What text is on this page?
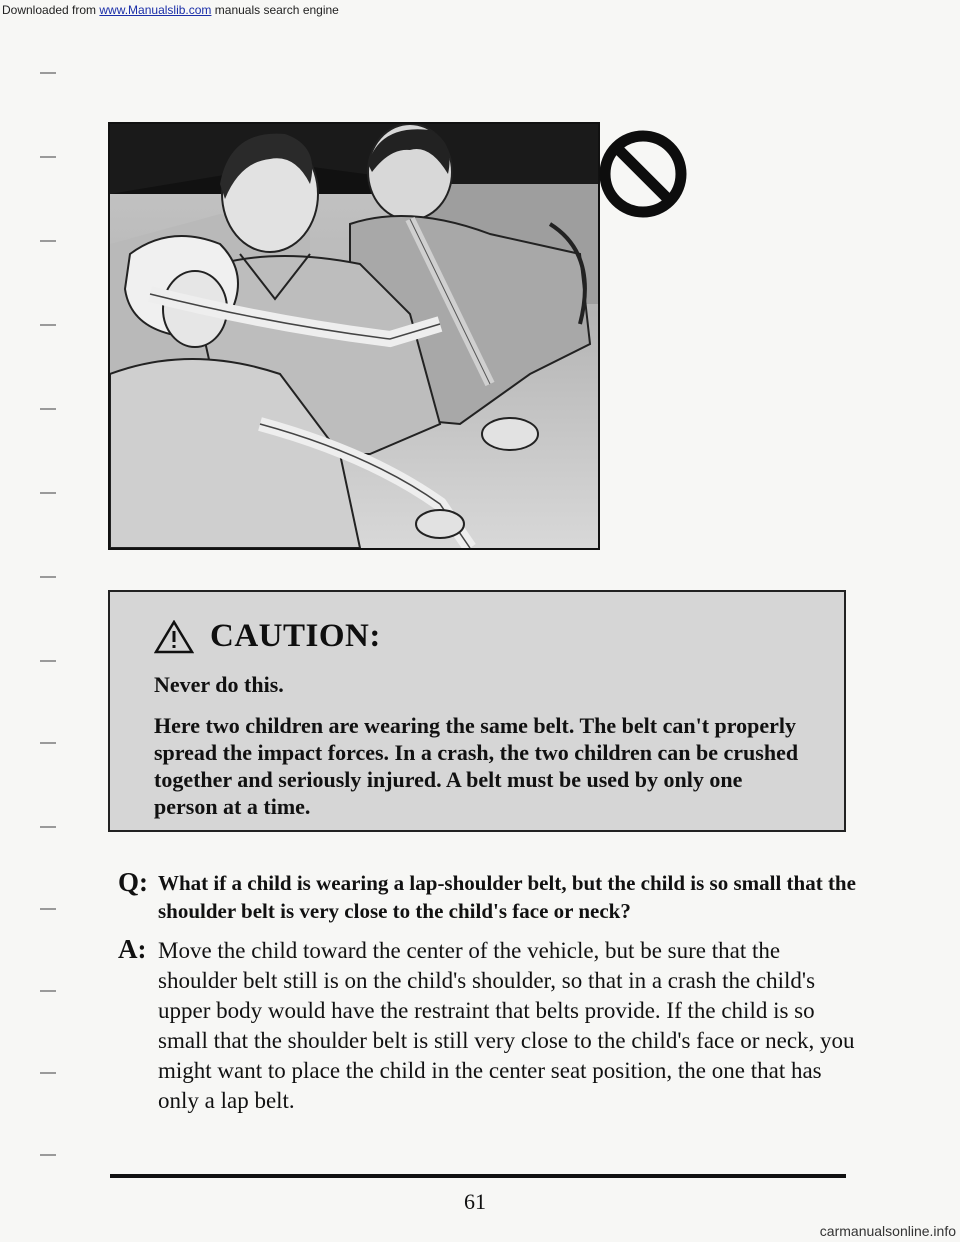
Downloaded from www.Manualslib.com manuals search engine
CAUTION:
Never do this.
Here two children are wearing the same belt. The belt can't properly spread the impact forces. In a crash, the two children can be crushed together and seriously injured. A belt must be used by only one person at a time.
Q: What if a child is wearing a lap-shoulder belt, but the child is so small that the shoulder belt is very close to the child's face or neck?
A: Move the child toward the center of the vehicle, but be sure that the shoulder belt still is on the child's shoulder, so that in a crash the child's upper body would have the restraint that belts provide. If the child is so small that the shoulder belt is still very close to the child's face or neck, you might want to place the child in the center seat position, the one that has only a lap belt.
61
carmanualsonline.info
